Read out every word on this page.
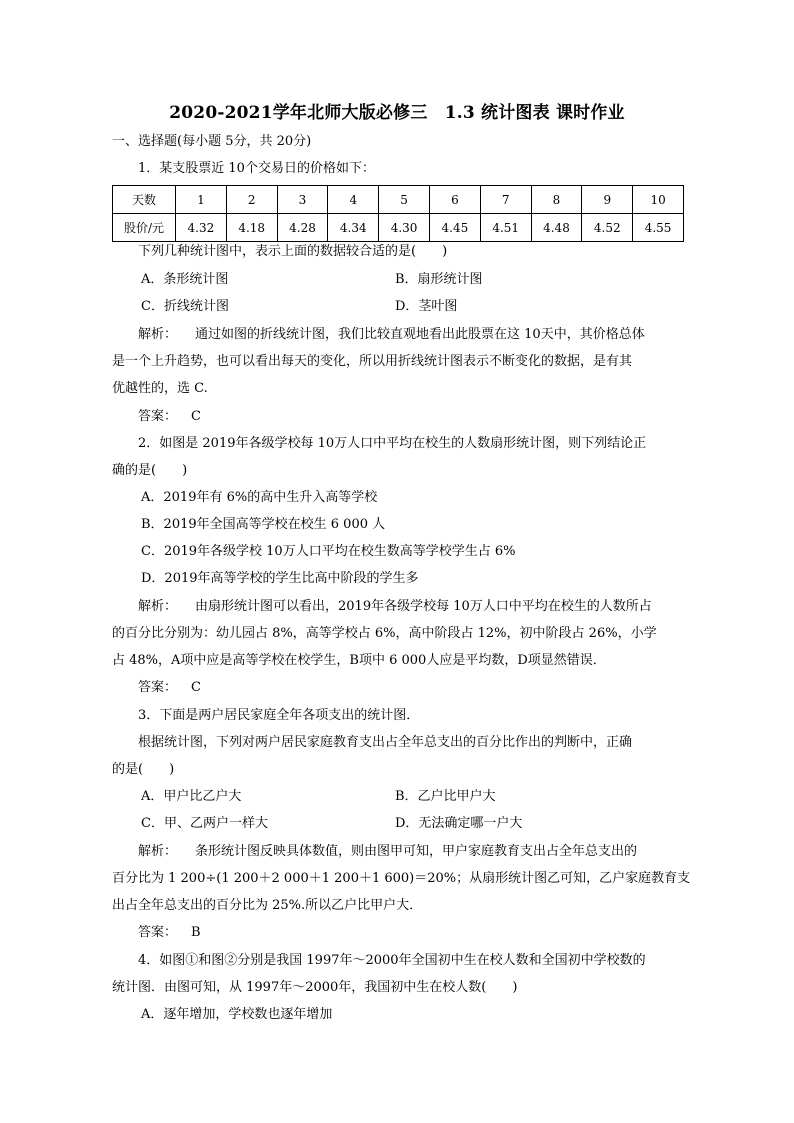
2020-2021学年北师大版必修三　1.3 统计图表 课时作业
一、选择题(每小题 5分，共 20分)
1．某支股票近 10个交易日的价格如下：
天数	1	2	3	4	5	6	7	8	9	10
股价/元	4.32	4.18	4.28	4.34	4.30	4.45	4.51	4.48	4.52	4.55
下列几种统计图中，表示上面的数据较合适的是(　　)
A．条形统计图	B．扇形统计图
C．折线统计图	D．茎叶图
解析： 通过如图的折线统计图，我们比较直观地看出此股票在这 10天中，其价格总体
是一个上升趋势，也可以看出每天的变化，所以用折线统计图表示不断变化的数据，是有其
优越性的，选 C.
答案： C
2．如图是 2019年各级学校每 10万人口中平均在校生的人数扇形统计图，则下列结论正
确的是(　　)
A．2019年有 6%的高中生升入高等学校
B．2019年全国高等学校在校生 6 000 人
C．2019年各级学校 10万人口平均在校生数高等学校学生占 6%
D．2019年高等学校的学生比高中阶段的学生多
解析： 由扇形统计图可以看出，2019年各级学校每 10万人口中平均在校生的人数所占
的百分比分别为：幼儿园占 8%，高等学校占 6%，高中阶段占 12%，初中阶段占 26%，小学
占 48%，A项中应是高等学校在校学生，B项中 6 000人应是平均数，D项显然错误．
答案： C
3．下面是两户居民家庭全年各项支出的统计图．
根据统计图，下列对两户居民家庭教育支出占全年总支出的百分比作出的判断中，正确
的是(　　)
A．甲户比乙户大	B．乙户比甲户大
C．甲、乙两户一样大	D．无法确定哪一户大
解析： 条形统计图反映具体数值，则由图甲可知，甲户家庭教育支出占全年总支出的
百分比为 1 200÷(1 200＋2 000＋1 200＋1 600)＝20%；从扇形统计图乙可知，乙户家庭教育支
出占全年总支出的百分比为 25%.所以乙户比甲户大．
答案： B
4．如图①和图②分别是我国 1997年～2000年全国初中生在校人数和全国初中学校数的
统计图．由图可知，从 1997年～2000年，我国初中生在校人数(　　)
A．逐年增加，学校数也逐年增加
